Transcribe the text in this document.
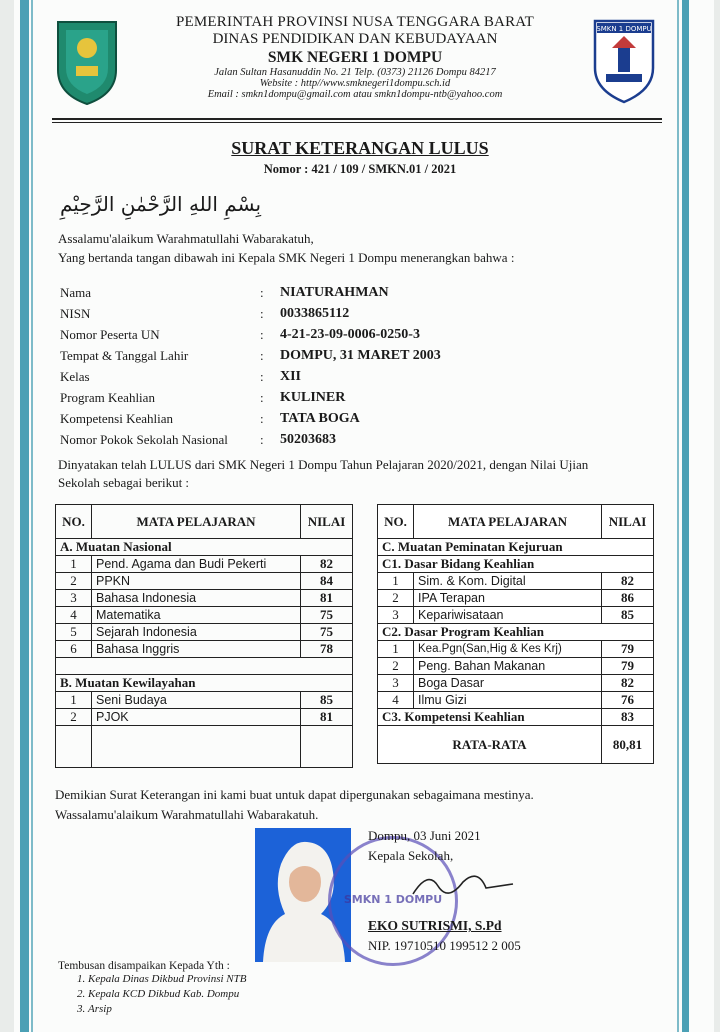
SMKN 1 DOMPU
PEMERINTAH PROVINSI NUSA TENGGARA BARAT
DINAS PENDIDIKAN DAN KEBUDAYAAN
SMK NEGERI 1 DOMPU
Jalan Sultan Hasanuddin No. 21 Telp. (0373) 21126 Dompu 84217
Website : http//www.smknegeri1dompu.sch.id
Email : smkn1dompu@gmail.com atau smkn1dompu-ntb@yahoo.com
SURAT KETERANGAN LULUS
Nomor : 421 / 109 / SMKN.01 / 2021
بِسْمِ اللهِ الرَّحْمٰنِ الرَّحِيْمِ
Assalamu'alaikum Warahmatullahi Wabarakatuh,
Yang bertanda tangan dibawah ini Kepala SMK Negeri 1 Dompu menerangkan bahwa :
Nama	:	NIATURAHMAN
NISN	:	0033865112
Nomor Peserta UN	:	4-21-23-09-0006-0250-3
Tempat & Tanggal Lahir	:	DOMPU, 31 MARET 2003
Kelas	:	XII
Program Keahlian	:	KULINER
Kompetensi Keahlian	:	TATA BOGA
Nomor Pokok Sekolah Nasional	:	50203683
Dinyatakan telah LULUS dari SMK Negeri 1 Dompu Tahun Pelajaran 2020/2021, dengan Nilai Ujian
Sekolah sebagai berikut :
NO.	MATA PELAJARAN	NILAI
A. Muatan Nasional		
1	Pend. Agama dan Budi Pekerti	82
2	PPKN	84
3	Bahasa Indonesia	81
4	Matematika	75
5	Sejarah Indonesia	75
6	Bahasa Inggris	78

B. Muatan Kewilayahan		
1	Seni Budaya	85
2	PJOK	81

NO.	MATA PELAJARAN	NILAI
C. Muatan Peminatan Kejuruan		
C1. Dasar Bidang Keahlian		
1	Sim. & Kom. Digital	82
2	IPA Terapan	86
3	Kepariwisataan	85
C2. Dasar Program Keahlian		
1	Kea.Pgn(San,Hig & Kes Krj)	79
2	Peng. Bahan Makanan	79
3	Boga Dasar	82
4	Ilmu Gizi	76
C3. Kompetensi Keahlian		83
RATA-RATA		80,81
Demikian Surat Keterangan ini kami buat untuk dapat dipergunakan sebagaimana mestinya.
Wassalamu'alaikum Warahmatullahi Wabarakatuh.
SMKN 1 DOMPU
Dompu, 03 Juni 2021
Kepala Sekolah,
EKO SUTRISMI, S.Pd
NIP. 19710510 199512 2 005
Tembusan disampaikan Kepada Yth :
1. Kepala Dinas Dikbud Provinsi NTB
2. Kepala KCD Dikbud Kab. Dompu
3. Arsip
